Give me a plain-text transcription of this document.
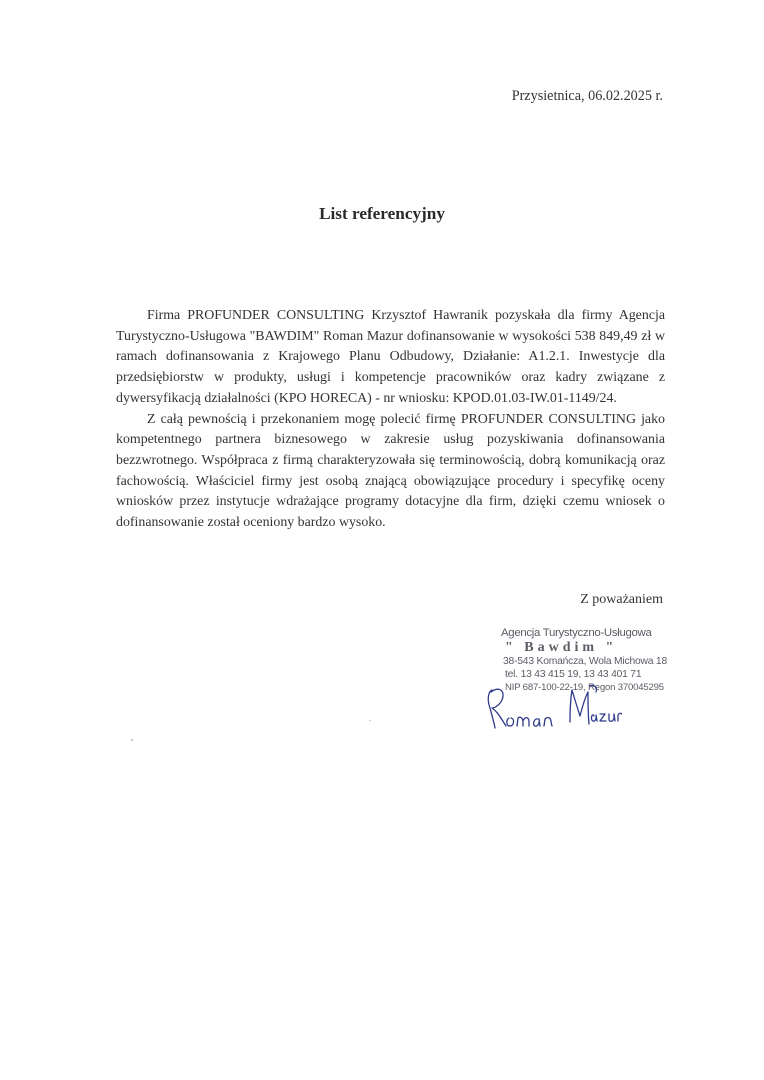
Przysietnica, 06.02.2025 r.
List referencyjny

Firma PROFUNDER CONSULTING Krzysztof Hawranik pozyskała dla firmy Agencja Turystyczno-Usługowa "BAWDIM" Roman Mazur dofinansowanie w wysokości 538 849,49 zł w ramach dofinansowania z Krajowego Planu Odbudowy, Działanie: A1.2.1. Inwestycje dla przedsiębiorstw w produkty, usługi i kompetencje pracowników oraz kadry związane z dywersyfikacją działalności (KPO HORECA) - nr wniosku: KPOD.01.03-IW.01-1149/24.

Z całą pewnością i przekonaniem mogę polecić firmę PROFUNDER CONSULTING jako kompetentnego partnera biznesowego w zakresie usług pozyskiwania dofinansowania bezzwrotnego. Współpraca z firmą charakteryzowała się terminowością, dobrą komunikacją oraz fachowością. Właściciel firmy jest osobą znającą obowiązujące procedury i specyfikę oceny wniosków przez instytucje wdrażające programy dotacyjne dla firm, dzięki czemu wniosek o dofinansowanie został oceniony bardzo wysoko.

Z poważaniem
Agencja Turystyczno-Usługowa
" Bawdim "
38-543 Komańcza, Wola Michowa 18
tel. 13 43 415 19, 13 43 401 71
NIP 687-100-22-19, Regon 370045295
